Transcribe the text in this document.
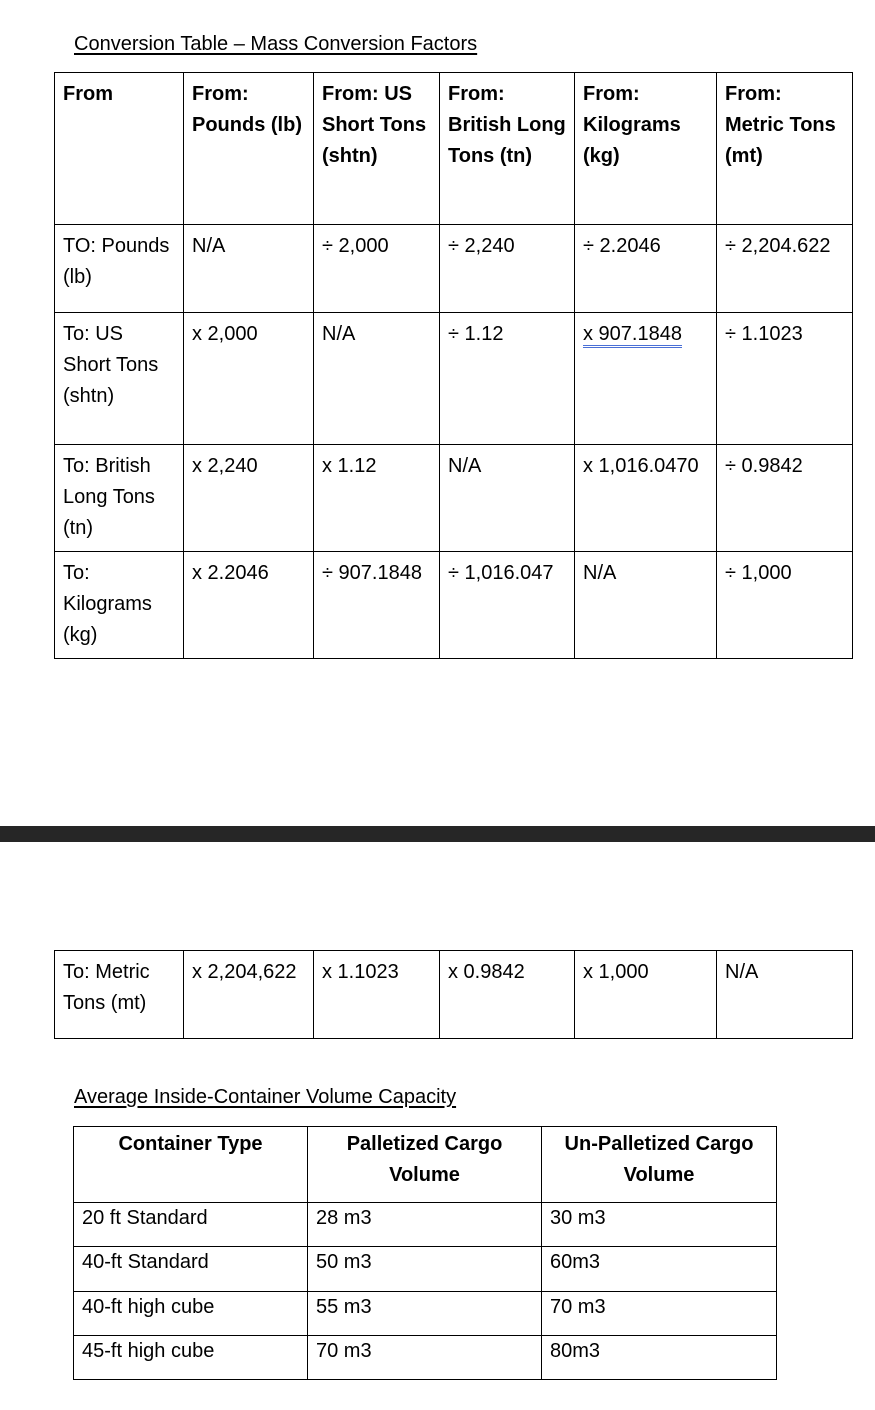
Conversion Table – Mass Conversion Factors

From	From: Pounds (lb)	From: US Short Tons (shtn)	From: British Long Tons (tn)	From: Kilograms (kg)	From: Metric Tons (mt)
TO: Pounds (lb)	N/A	÷ 2,000	÷ 2,240	÷ 2.2046	÷ 2,204.622
To: US Short Tons (shtn)	x 2,000	N/A	÷ 1.12	x 907.1848	÷ 1.1023
To: British Long Tons (tn)	x 2,240	x 1.12	N/A	x 1,016.0470	÷ 0.9842
To: Kilograms (kg)	x 2.2046	÷ 907.1848	÷ 1,016.047	N/A	÷ 1,000
To: Metric Tons (mt)	x 2,204,622	x 1.1023	x 0.9842	x 1,000	N/A

Average Inside-Container Volume Capacity

Container Type	Palletized Cargo Volume	Un-Palletized Cargo Volume
20 ft Standard	28 m3	30 m3
40-ft Standard	50 m3	60m3
40-ft high cube	55 m3	70 m3
45-ft high cube	70 m3	80m3
